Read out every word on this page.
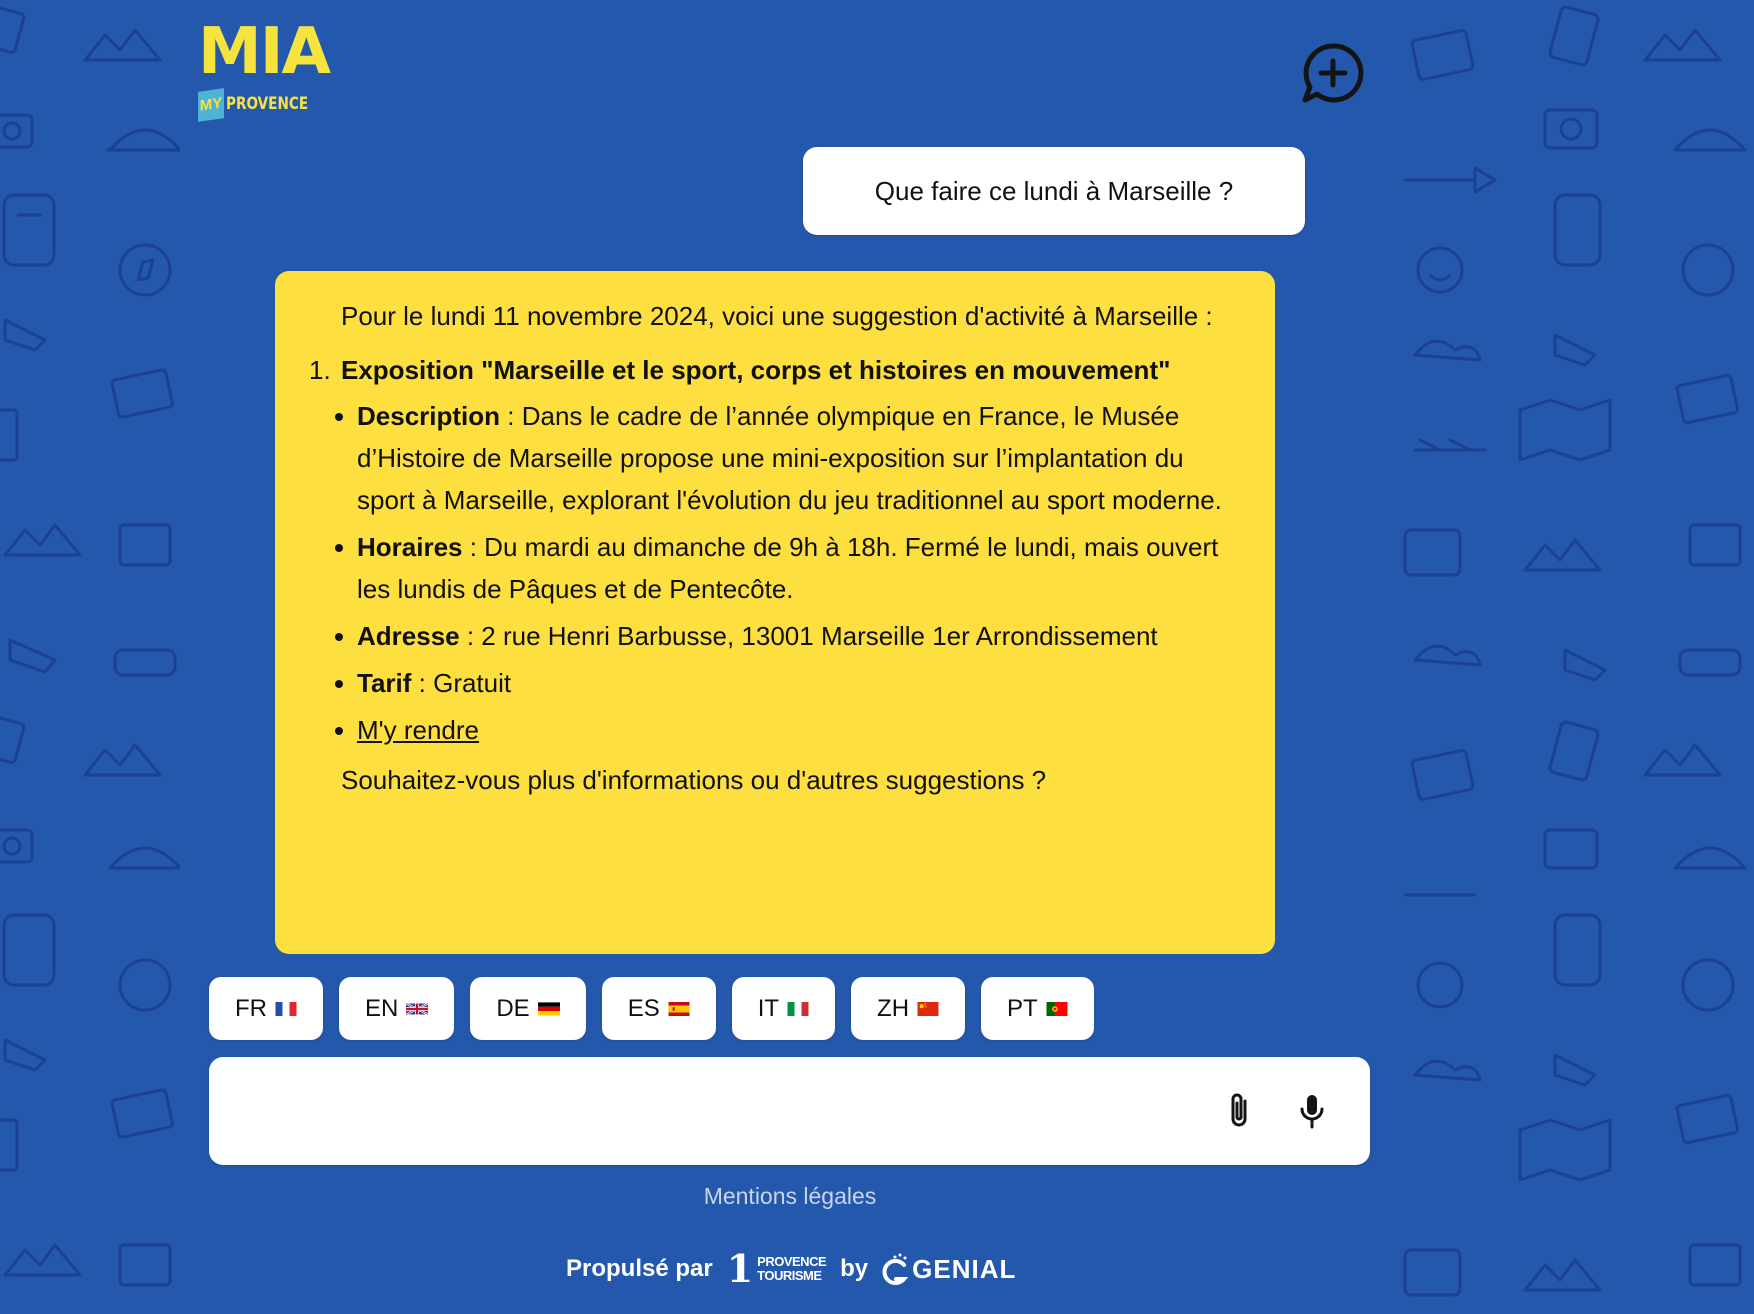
MIA
MY PROVENCE
Que faire ce lundi à Marseille ?

Pour le lundi 11 novembre 2024, voici une suggestion d'activité à Marseille :

1. Exposition "Marseille et le sport, corps et histoires en mouvement"
Description : Dans le cadre de l’année olympique en France, le Musée d’Histoire de Marseille propose une mini-exposition sur l’implantation du sport à Marseille, explorant l'évolution du jeu traditionnel au sport moderne.
Horaires : Du mardi au dimanche de 9h à 18h. Fermé le lundi, mais ouvert les lundis de Pâques et de Pentecôte.
Adresse : 2 rue Henri Barbusse, 13001 Marseille 1er Arrondissement
Tarif : Gratuit
M'y rendre

Souhaitez-vous plus d'informations ou d'autres suggestions ?

FR	EN	DE	ES	IT	ZH	PT
Mentions légales
Propulsé par 1 PROVENCE
TOURISME by GENIAL
